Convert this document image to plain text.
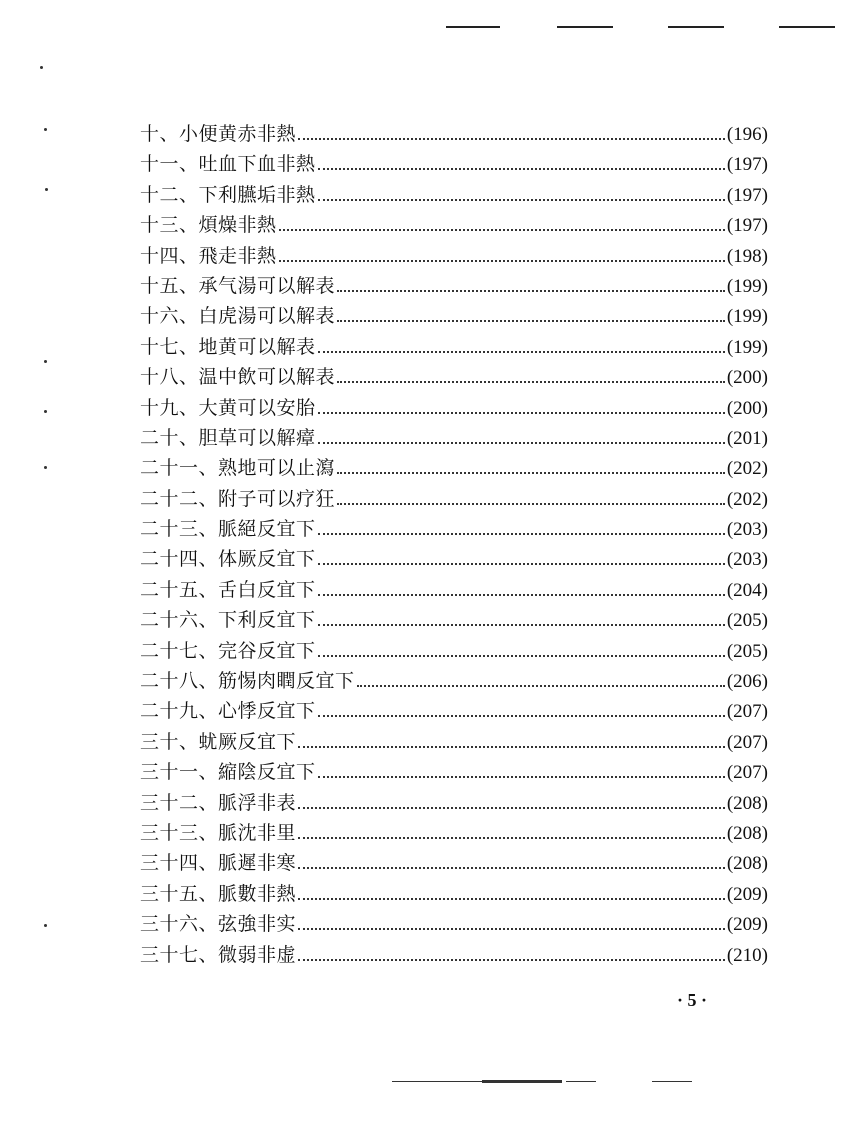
十、小便黄赤非熱	(196)
十一、吐血下血非熱	(197)
十二、下利臙垢非熱	(197)
十三、煩燥非熱	(197)
十四、飛走非熱	(198)
十五、承气湯可以解表	(199)
十六、白虎湯可以解表	(199)
十七、地黄可以解表	(199)
十八、温中飲可以解表	(200)
十九、大黄可以安胎	(200)
二十、胆草可以解瘴	(201)
二十一、熟地可以止瀉	(202)
二十二、附子可以疗狂	(202)
二十三、脈絕反宜下	(203)
二十四、体厥反宜下	(203)
二十五、舌白反宜下	(204)
二十六、下利反宜下	(205)
二十七、完谷反宜下	(205)
二十八、筋惕肉瞤反宜下	(206)
二十九、心悸反宜下	(207)
三十、蚘厥反宜下	(207)
三十一、縮陰反宜下	(207)
三十二、脈浮非表	(208)
三十三、脈沈非里	(208)
三十四、脈遲非寒	(208)
三十五、脈數非熱	(209)
三十六、弦強非实	(209)
三十七、微弱非虚	(210)
· 5 ·
